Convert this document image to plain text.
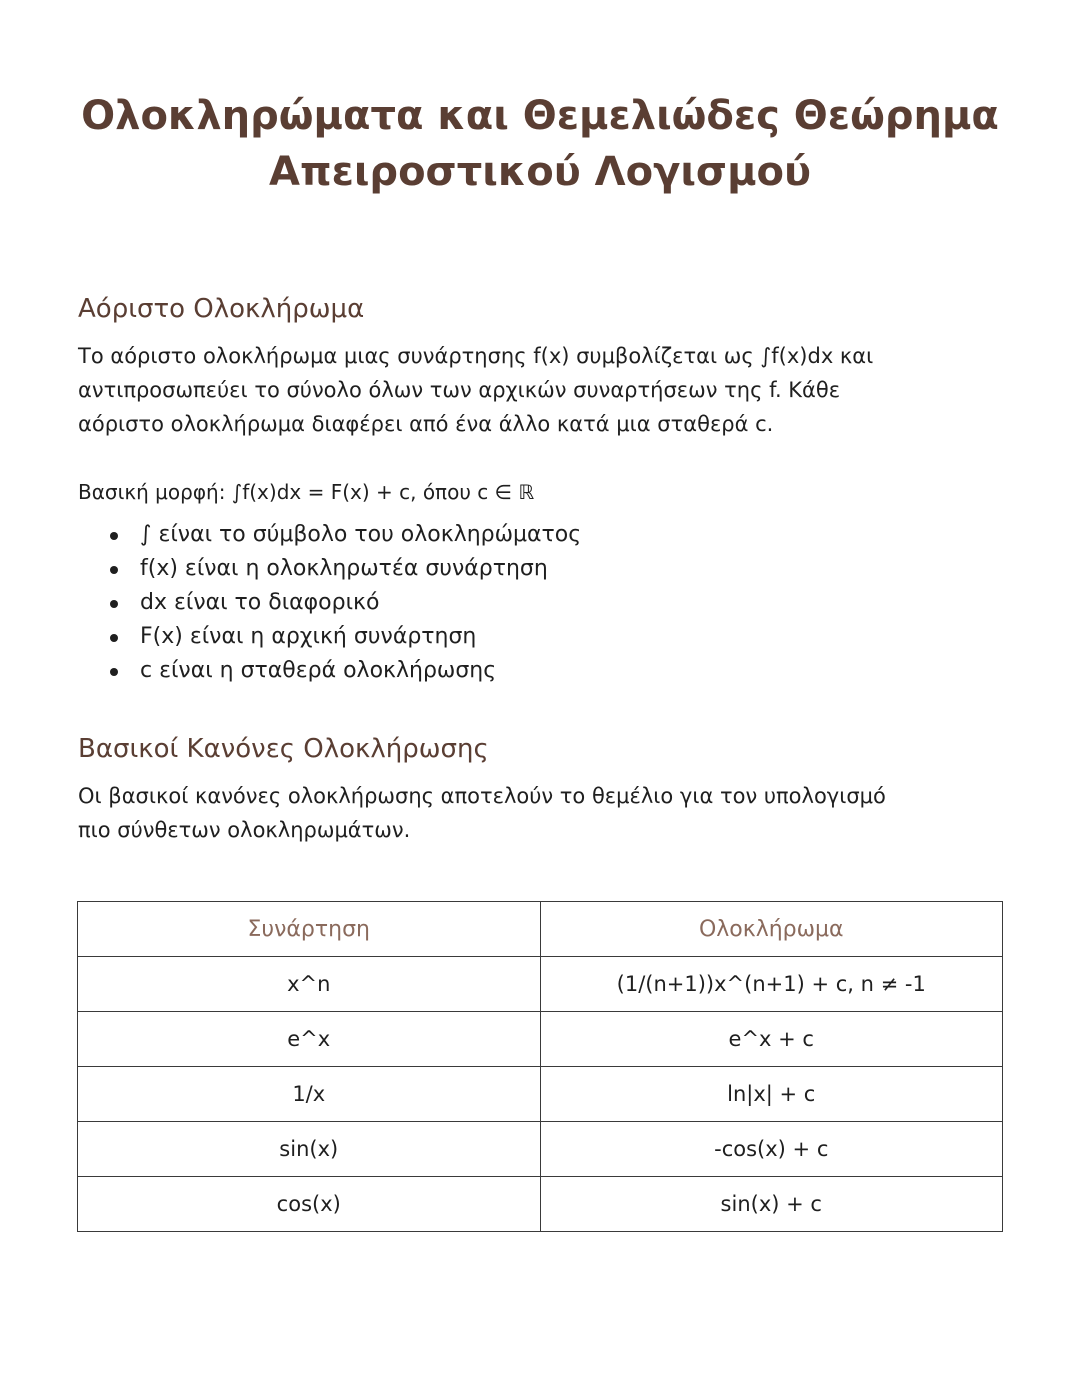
Ολοκληρώματα και Θεμελιώδες Θεώρημα
Απειροστικού Λογισμού
Αόριστο Ολοκλήρωμα

Το αόριστο ολοκλήρωμα μιας συνάρτησης f(x) συμβολίζεται ως ∫f(x)dx και
αντιπροσωπεύει το σύνολο όλων των αρχικών συναρτήσεων της f. Κάθε
αόριστο ολοκλήρωμα διαφέρει από ένα άλλο κατά μια σταθερά c.

Βασική μορφή: ∫f(x)dx = F(x) + c, όπου c ∈ ℝ

∫ είναι το σύμβολο του ολοκληρώματος
f(x) είναι η ολοκληρωτέα συνάρτηση
dx είναι το διαφορικό
F(x) είναι η αρχική συνάρτηση
c είναι η σταθερά ολοκλήρωσης
Βασικοί Κανόνες Ολοκλήρωσης

Οι βασικοί κανόνες ολοκλήρωσης αποτελούν το θεμέλιο για τον υπολογισμό
πιο σύνθετων ολοκληρωμάτων.

Συνάρτηση	Ολοκλήρωμα
x^n	(1/(n+1))x^(n+1) + c, n ≠ -1
e^x	e^x + c
1/x	ln|x| + c
sin(x)	-cos(x) + c
cos(x)	sin(x) + c
